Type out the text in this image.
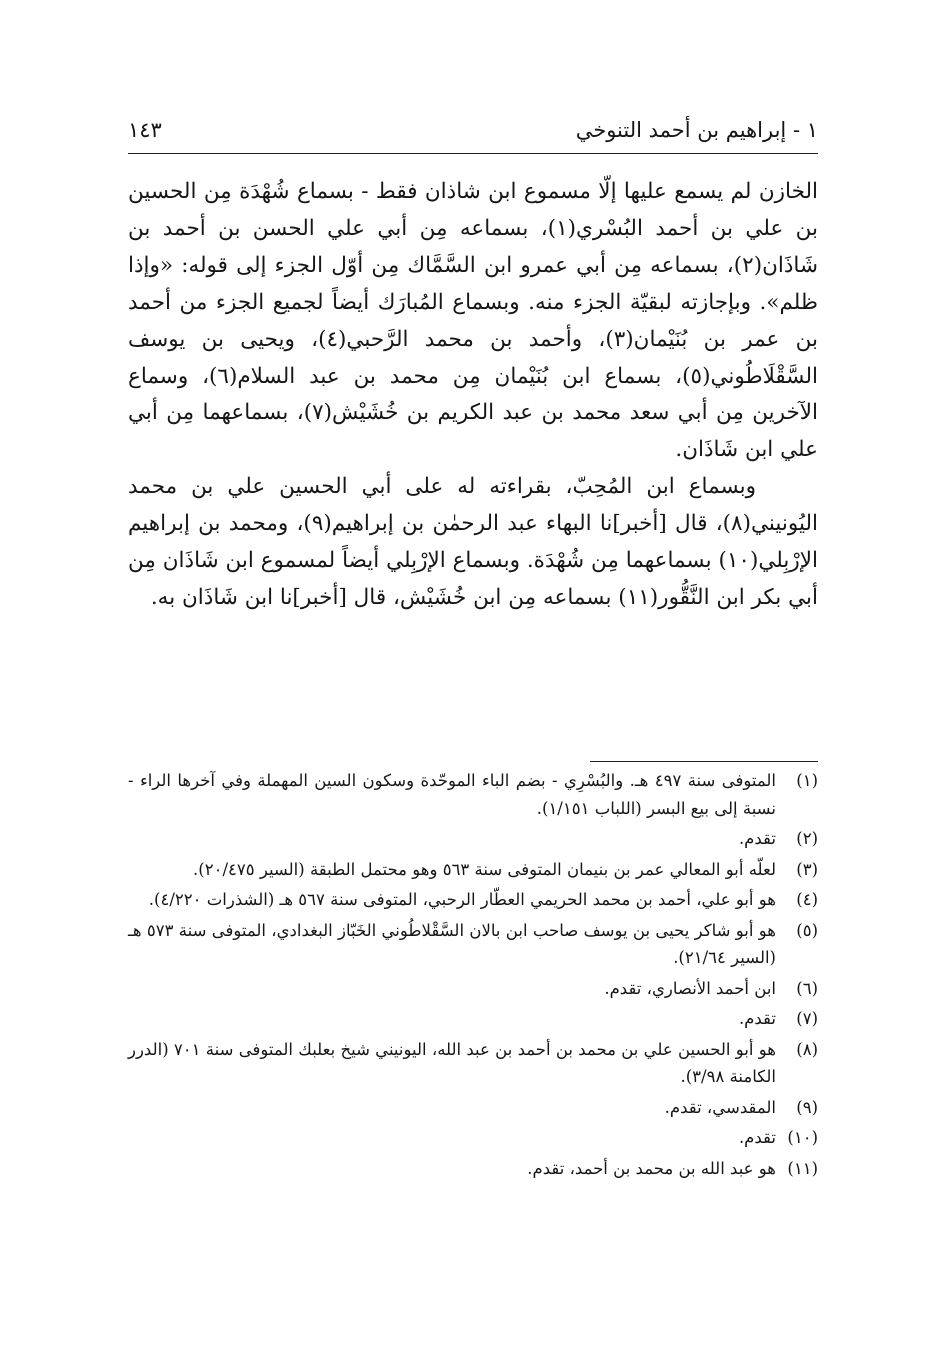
١ - إبراهيم بن أحمد التنوخي
١٤٣

الخازن لم يسمع عليها إلّا مسموع ابن شاذان فقط - بسماع شُهْدَة مِن الحسين بن علي بن أحمد البُسْري(١)، بسماعه مِن أبي علي الحسن بن أحمد بن شَاذَان(٢)، بسماعه مِن أبي عمرو ابن السَّمَّاك مِن أوّل الجزء إلى قوله: «وإذا ظلم». وبإجازته لبقيّة الجزء منه. وبسماع المُبارَك أيضاً لجميع الجزء من أحمد بن عمر بن بُنَيْمان(٣)، وأحمد بن محمد الرَّحبي(٤)، ويحيى بن يوسف السَّقْلَاطُوني(٥)، بسماع ابن بُنَيْمان مِن محمد بن عبد السلام(٦)، وسماع الآخرين مِن أبي سعد محمد بن عبد الكريم بن خُشَيْش(٧)، بسماعهما مِن أبي علي ابن شَاذَان.

وبسماع ابن المُحِبّ، بقراءته له على أبي الحسين علي بن محمد اليُونيني(٨)، قال [أخبر]نا البهاء عبد الرحمٰن بن إبراهيم(٩)، ومحمد بن إبراهيم الإرْبِلي(١٠) بسماعهما مِن شُهْدَة. وبسماع الإرْبِلي أيضاً لمسموع ابن شَاذَان مِن أبي بكر ابن النَّقُّور(١١) بسماعه مِن ابن خُشَيْش، قال [أخبر]نا ابن شَاذَان به.

(١)
المتوفى سنة ٤٩٧ هـ. والبُسْرِي - بضم الباء الموحّدة وسكون السين المهملة وفي آخرها الراء - نسبة إلى بيع البسر (اللباب ١/١٥١).
(٢)
تقدم.
(٣)
لعلّه أبو المعالي عمر بن بنيمان المتوفى سنة ٥٦٣ وهو محتمل الطبقة (السير ٢٠/٤٧٥).
(٤)
هو أبو علي، أحمد بن محمد الحريمي العطّار الرحبي، المتوفى سنة ٥٦٧ هـ (الشذرات ٤/٢٢٠).
(٥)
هو أبو شاكر يحيى بن يوسف صاحب ابن بالان السَّقْلاطُوني الخَبّاز البغدادي، المتوفى سنة ٥٧٣ هـ (السير ٢١/٦٤).
(٦)
ابن أحمد الأنصاري، تقدم.
(٧)
تقدم.
(٨)
هو أبو الحسين علي بن محمد بن أحمد بن عبد الله، اليونيني شيخ بعلبك المتوفى سنة ٧٠١ (الدرر الكامنة ٣/٩٨).
(٩)
المقدسي، تقدم.
(١٠)
تقدم.
(١١)
هو عبد الله بن محمد بن أحمد، تقدم.
